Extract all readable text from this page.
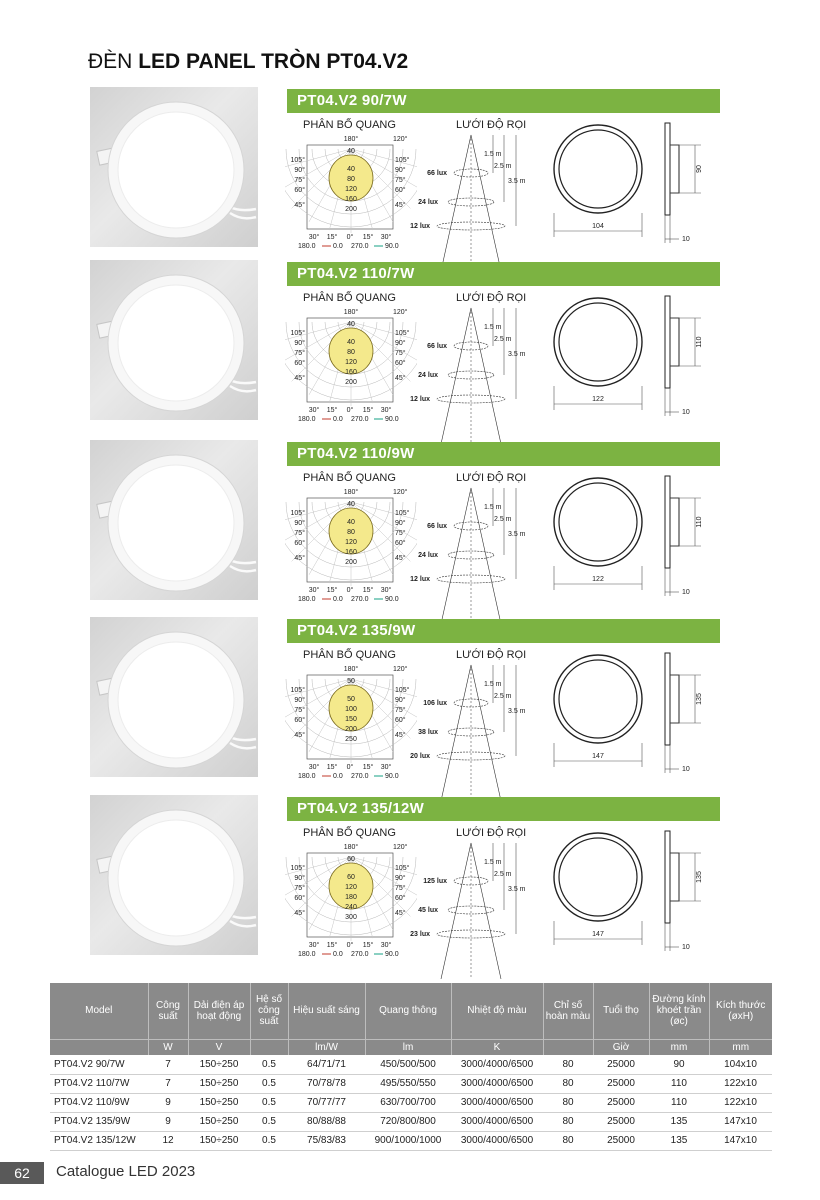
ĐÈN LED PANEL TRÒN PT04.V2
PT04.V2 90/7W
PHÂN BỐ QUANG	LƯỚI ĐỘ RỌI
40
40
80
120
160
200
180°	120°
105°	105°
90°	90°
75°	75°
60°	60°
45°	45°
30° 15° 0° 15° 30°
180.0 0.0 270.0 90.0
66 lux
24 lux
12 lux
1.5 m
2.5 m
3.5 m
104
90
10
PT04.V2 110/7W
PHÂN BỐ QUANG	LƯỚI ĐỘ RỌI
40
40
80
120
160
200
180°	120°
105°	105°
90°	90°
75°	75°
60°	60°
45°	45°
30° 15° 0° 15° 30°
180.0 0.0 270.0 90.0
66 lux
24 lux
12 lux
1.5 m
2.5 m
3.5 m
122
110
10
PT04.V2 110/9W
PHÂN BỐ QUANG	LƯỚI ĐỘ RỌI
40
40
80
120
160
200
180°	120°
105°	105°
90°	90°
75°	75°
60°	60°
45°	45°
30° 15° 0° 15° 30°
180.0 0.0 270.0 90.0
66 lux
24 lux
12 lux
1.5 m
2.5 m
3.5 m
122
110
10
PT04.V2 135/9W
PHÂN BỐ QUANG	LƯỚI ĐỘ RỌI
50
50
100
150
200
250
180°	120°
105°	105°
90°	90°
75°	75°
60°	60°
45°	45°
30° 15° 0° 15° 30°
180.0 0.0 270.0 90.0
106 lux
38 lux
20 lux
1.5 m
2.5 m
3.5 m
147
135
10
PT04.V2 135/12W
PHÂN BỐ QUANG	LƯỚI ĐỘ RỌI
60
60
120
180
240
300
180°	120°
105°	105°
90°	90°
75°	75°
60°	60°
45°	45°
30° 15° 0° 15° 30°
180.0 0.0 270.0 90.0
125 lux
45 lux
23 lux
1.5 m
2.5 m
3.5 m
147
135
10
Model	Công suất	Dải điện áp hoạt động	Hệ số công suất	Hiệu suất sáng	Quang thông	Nhiệt độ màu	Chỉ số hoàn màu	Tuổi thọ	Đường kính khoét trần (øc)	Kích thước (øxH)
	W	V		lm/W	lm	K		Giờ	mm	mm
PT04.V2 90/7W	7	150÷250	0.5	64/71/71	450/500/500	3000/4000/6500	80	25000	90	104x10
PT04.V2 110/7W	7	150÷250	0.5	70/78/78	495/550/550	3000/4000/6500	80	25000	110	122x10
PT04.V2 110/9W	9	150÷250	0.5	70/77/77	630/700/700	3000/4000/6500	80	25000	110	122x10
PT04.V2 135/9W	9	150÷250	0.5	80/88/88	720/800/800	3000/4000/6500	80	25000	135	147x10
PT04.V2 135/12W	12	150÷250	0.5	75/83/83	900/1000/1000	3000/4000/6500	80	25000	135	147x10
62	Catalogue LED 2023
